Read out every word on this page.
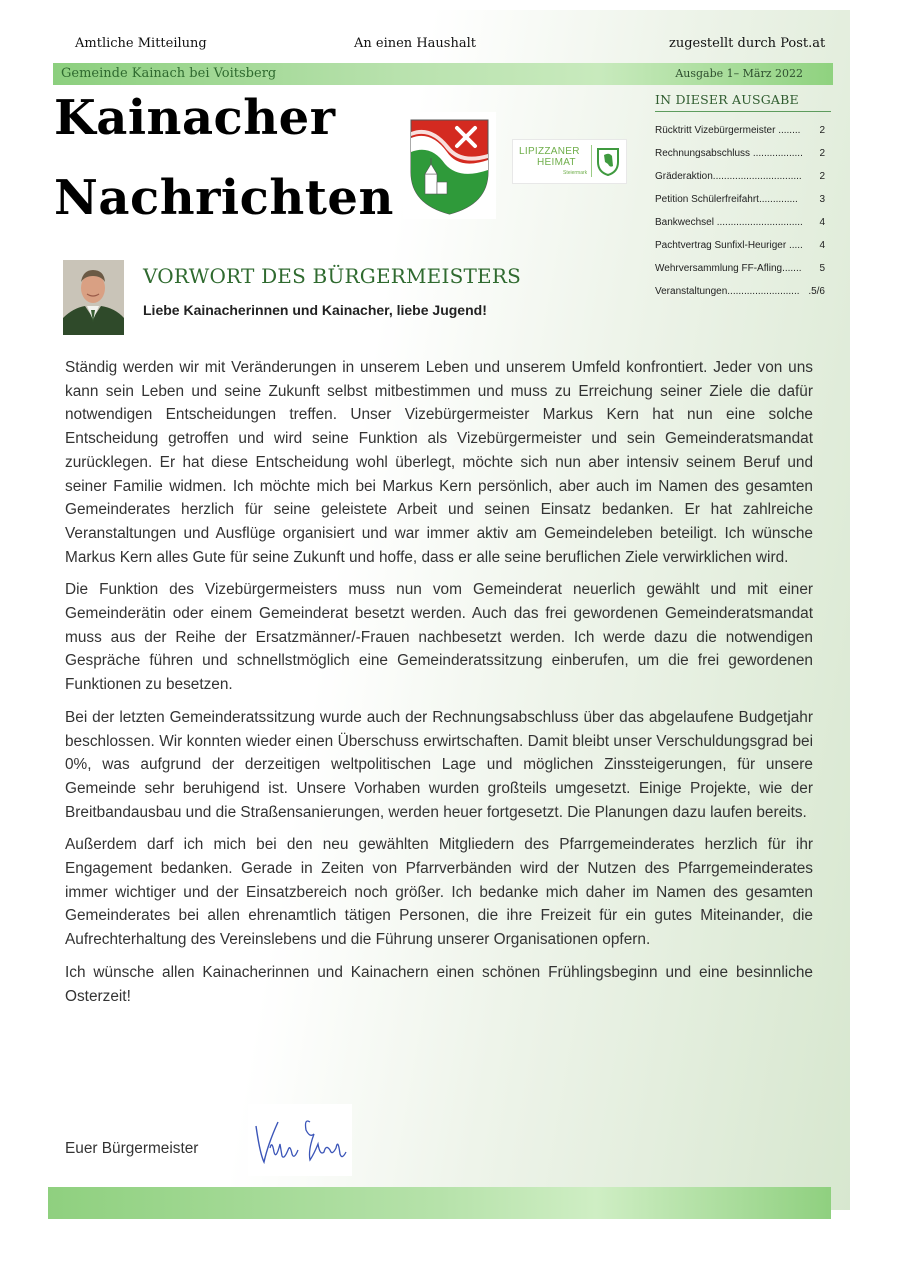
Amtliche Mitteilung	An einen Haushalt	zugestellt durch Post.at
Gemeinde Kainach bei Voitsberg	Ausgabe 1– März 2022
Kainacher
Nachrichten
LIPIZZANER
HEIMAT
Steiermark
IN DIESER AUSGABE
Rücktritt Vizebürgermeister ........ 2
Rechnungsabschluss .................. 2
Gräderaktion................................ 2
Petition Schülerfreifahrt.............. 3
Bankwechsel ............................... 4
Pachtvertrag Sunfixl-Heuriger ..... 4
Wehrversammlung FF-Afling....... 5
Veranstaltungen.......................... .5/6
VORWORT DES BÜRGERMEISTERS
Liebe Kainacherinnen und Kainacher, liebe Jugend!

Ständig werden wir mit Veränderungen in unserem Leben und unserem Umfeld konfrontiert. Jeder von uns kann sein Leben und seine Zukunft selbst mitbestimmen und muss zu Erreichung seiner Ziele die dafür notwendigen Entscheidungen treffen. Unser Vizebürgermeister Markus Kern hat nun eine solche Entscheidung getroffen und wird seine Funktion als Vizebürgermeister und sein Gemeinderatsmandat zurücklegen. Er hat diese Entscheidung wohl überlegt, möchte sich nun aber intensiv seinem Beruf und seiner Familie widmen. Ich möchte mich bei Markus Kern persönlich, aber auch im Namen des gesamten Gemeinderates herzlich für seine geleistete Arbeit und seinen Einsatz bedanken. Er hat zahlreiche Veranstaltungen und Ausflüge organisiert und war immer aktiv am Gemeindeleben beteiligt. Ich wünsche Markus Kern alles Gute für seine Zukunft und hoffe, dass er alle seine beruflichen Ziele verwirklichen wird.

Die Funktion des Vizebürgermeisters muss nun vom Gemeinderat neuerlich gewählt und mit einer Gemeinderätin oder einem Gemeinderat besetzt werden. Auch das frei gewordenen Gemeinderatsmandat muss aus der Reihe der Ersatzmänner/-Frauen nachbesetzt werden. Ich werde dazu die notwendigen Gespräche führen und schnellstmöglich eine Gemeinderatssitzung einberufen, um die frei gewordenen Funktionen zu besetzen.

Bei der letzten Gemeinderatssitzung wurde auch der Rechnungsabschluss über das abgelaufene Budgetjahr beschlossen. Wir konnten wieder einen Überschuss erwirtschaften. Damit bleibt unser Verschuldungsgrad bei 0%, was aufgrund der derzeitigen weltpolitischen Lage und möglichen Zinssteigerungen, für unsere Gemeinde sehr beruhigend ist. Unsere Vorhaben wurden großteils umgesetzt. Einige Projekte, wie der Breitbandausbau und die Straßensanierungen, werden heuer fortgesetzt. Die Planungen dazu laufen bereits.

Außerdem darf ich mich bei den neu gewählten Mitgliedern des Pfarrgemeinderates herzlich für ihr Engagement bedanken. Gerade in Zeiten von Pfarrverbänden wird der Nutzen des Pfarrgemeinderates immer wichtiger und der Einsatzbereich noch größer. Ich bedanke mich daher im Namen des gesamten Gemeinderates bei allen ehrenamtlich tätigen Personen, die ihre Freizeit für ein gutes Miteinander, die Aufrechterhaltung des Vereinslebens und die Führung unserer Organisationen opfern.

Ich wünsche allen Kainacherinnen und Kainachern einen schönen Frühlingsbeginn und eine besinnliche Osterzeit!

Euer Bürgermeister
